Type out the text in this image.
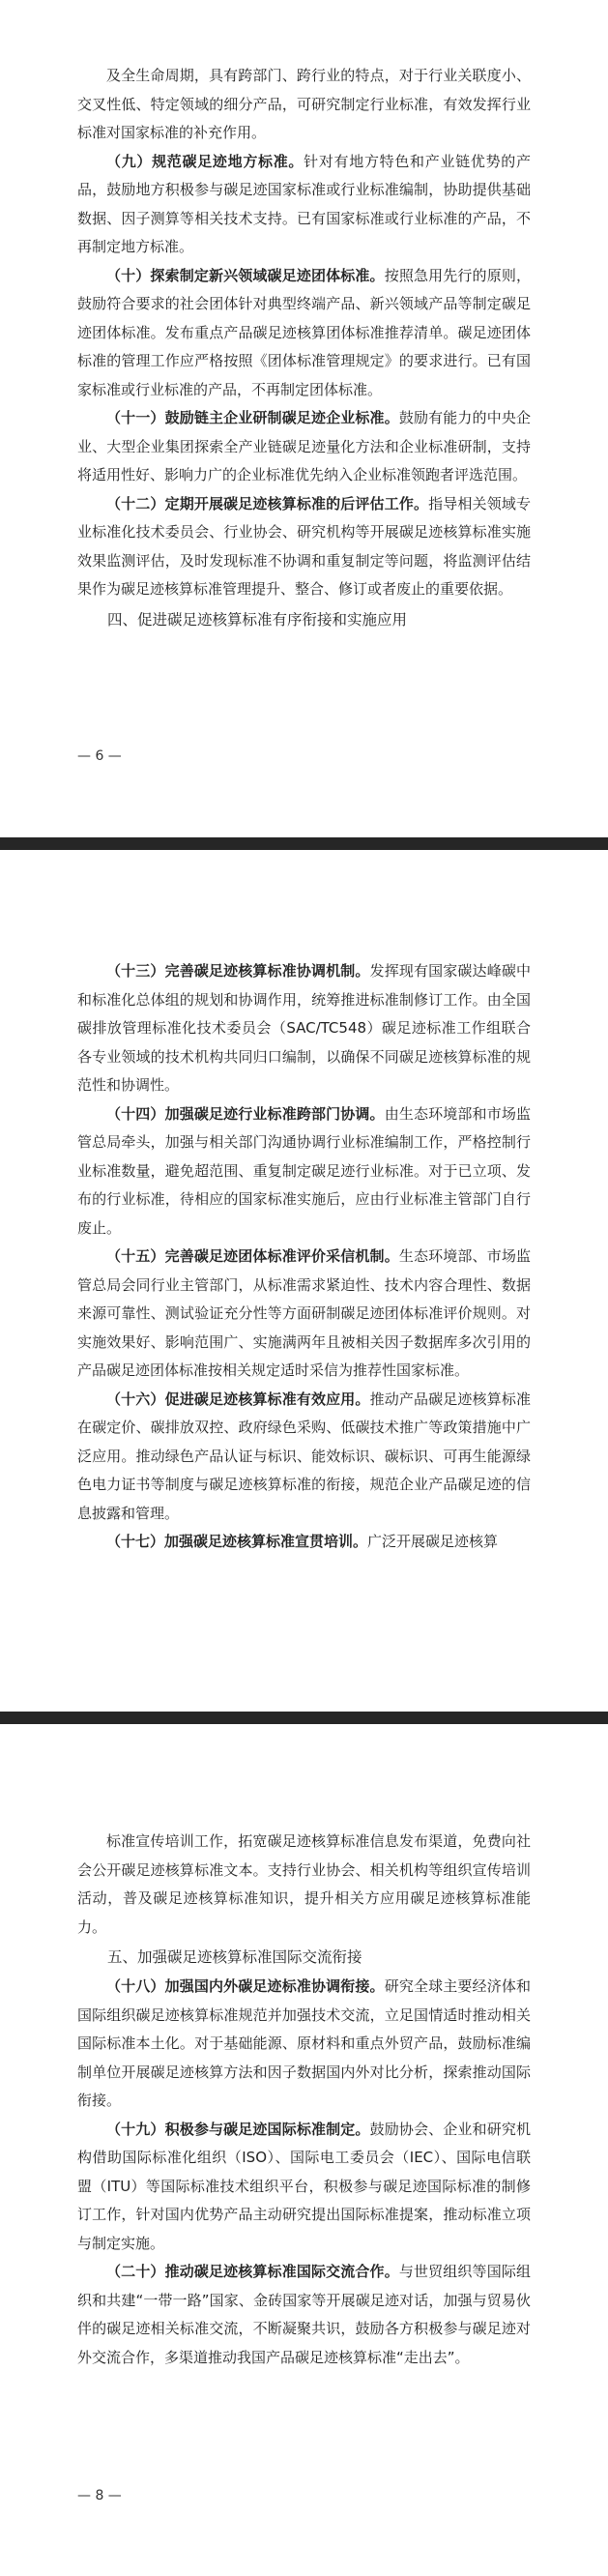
及全生命周期，具有跨部门、跨行业的特点，对于行业关联度小、交叉性低、特定领域的细分产品，可研究制定行业标准，有效发挥行业标准对国家标准的补充作用。

（九）规范碳足迹地方标准。针对有地方特色和产业链优势的产品，鼓励地方积极参与碳足迹国家标准或行业标准编制，协助提供基础数据、因子测算等相关技术支持。已有国家标准或行业标准的产品，不再制定地方标准。

（十）探索制定新兴领域碳足迹团体标准。按照急用先行的原则，鼓励符合要求的社会团体针对典型终端产品、新兴领域产品等制定碳足迹团体标准。发布重点产品碳足迹核算团体标准推荐清单。碳足迹团体标准的管理工作应严格按照《团体标准管理规定》的要求进行。已有国家标准或行业标准的产品，不再制定团体标准。

（十一）鼓励链主企业研制碳足迹企业标准。鼓励有能力的中央企业、大型企业集团探索全产业链碳足迹量化方法和企业标准研制，支持将适用性好、影响力广的企业标准优先纳入企业标准领跑者评选范围。

（十二）定期开展碳足迹核算标准的后评估工作。指导相关领域专业标准化技术委员会、行业协会、研究机构等开展碳足迹核算标准实施效果监测评估，及时发现标准不协调和重复制定等问题，将监测评估结果作为碳足迹核算标准管理提升、整合、修订或者废止的重要依据。

四、促进碳足迹核算标准有序衔接和实施应用
— 6 —

（十三）完善碳足迹核算标准协调机制。发挥现有国家碳达峰碳中和标准化总体组的规划和协调作用，统筹推进标准制修订工作。由全国碳排放管理标准化技术委员会（SAC/TC548）碳足迹标准工作组联合各专业领域的技术机构共同归口编制，以确保不同碳足迹核算标准的规范性和协调性。

（十四）加强碳足迹行业标准跨部门协调。由生态环境部和市场监管总局牵头，加强与相关部门沟通协调行业标准编制工作，严格控制行业标准数量，避免超范围、重复制定碳足迹行业标准。对于已立项、发布的行业标准，待相应的国家标准实施后，应由行业标准主管部门自行废止。

（十五）完善碳足迹团体标准评价采信机制。生态环境部、市场监管总局会同行业主管部门，从标准需求紧迫性、技术内容合理性、数据来源可靠性、测试验证充分性等方面研制碳足迹团体标准评价规则。对实施效果好、影响范围广、实施满两年且被相关因子数据库多次引用的产品碳足迹团体标准按相关规定适时采信为推荐性国家标准。

（十六）促进碳足迹核算标准有效应用。推动产品碳足迹核算标准在碳定价、碳排放双控、政府绿色采购、低碳技术推广等政策措施中广泛应用。推动绿色产品认证与标识、能效标识、碳标识、可再生能源绿色电力证书等制度与碳足迹核算标准的衔接，规范企业产品碳足迹的信息披露和管理。

（十七）加强碳足迹核算标准宣贯培训。广泛开展碳足迹核算

标准宣传培训工作，拓宽碳足迹核算标准信息发布渠道，免费向社会公开碳足迹核算标准文本。支持行业协会、相关机构等组织宣传培训活动，普及碳足迹核算标准知识，提升相关方应用碳足迹核算标准能力。

五、加强碳足迹核算标准国际交流衔接

（十八）加强国内外碳足迹标准协调衔接。研究全球主要经济体和国际组织碳足迹核算标准规范并加强技术交流，立足国情适时推动相关国际标准本土化。对于基础能源、原材料和重点外贸产品，鼓励标准编制单位开展碳足迹核算方法和因子数据国内外对比分析，探索推动国际衔接。

（十九）积极参与碳足迹国际标准制定。鼓励协会、企业和研究机构借助国际标准化组织（ISO）、国际电工委员会（IEC）、国际电信联盟（ITU）等国际标准技术组织平台，积极参与碳足迹国际标准的制修订工作，针对国内优势产品主动研究提出国际标准提案，推动标准立项与制定实施。

（二十）推动碳足迹核算标准国际交流合作。与世贸组织等国际组织和共建“一带一路”国家、金砖国家等开展碳足迹对话，加强与贸易伙伴的碳足迹相关标准交流，不断凝聚共识，鼓励各方积极参与碳足迹对外交流合作，多渠道推动我国产品碳足迹核算标准“走出去”。

— 8 —
